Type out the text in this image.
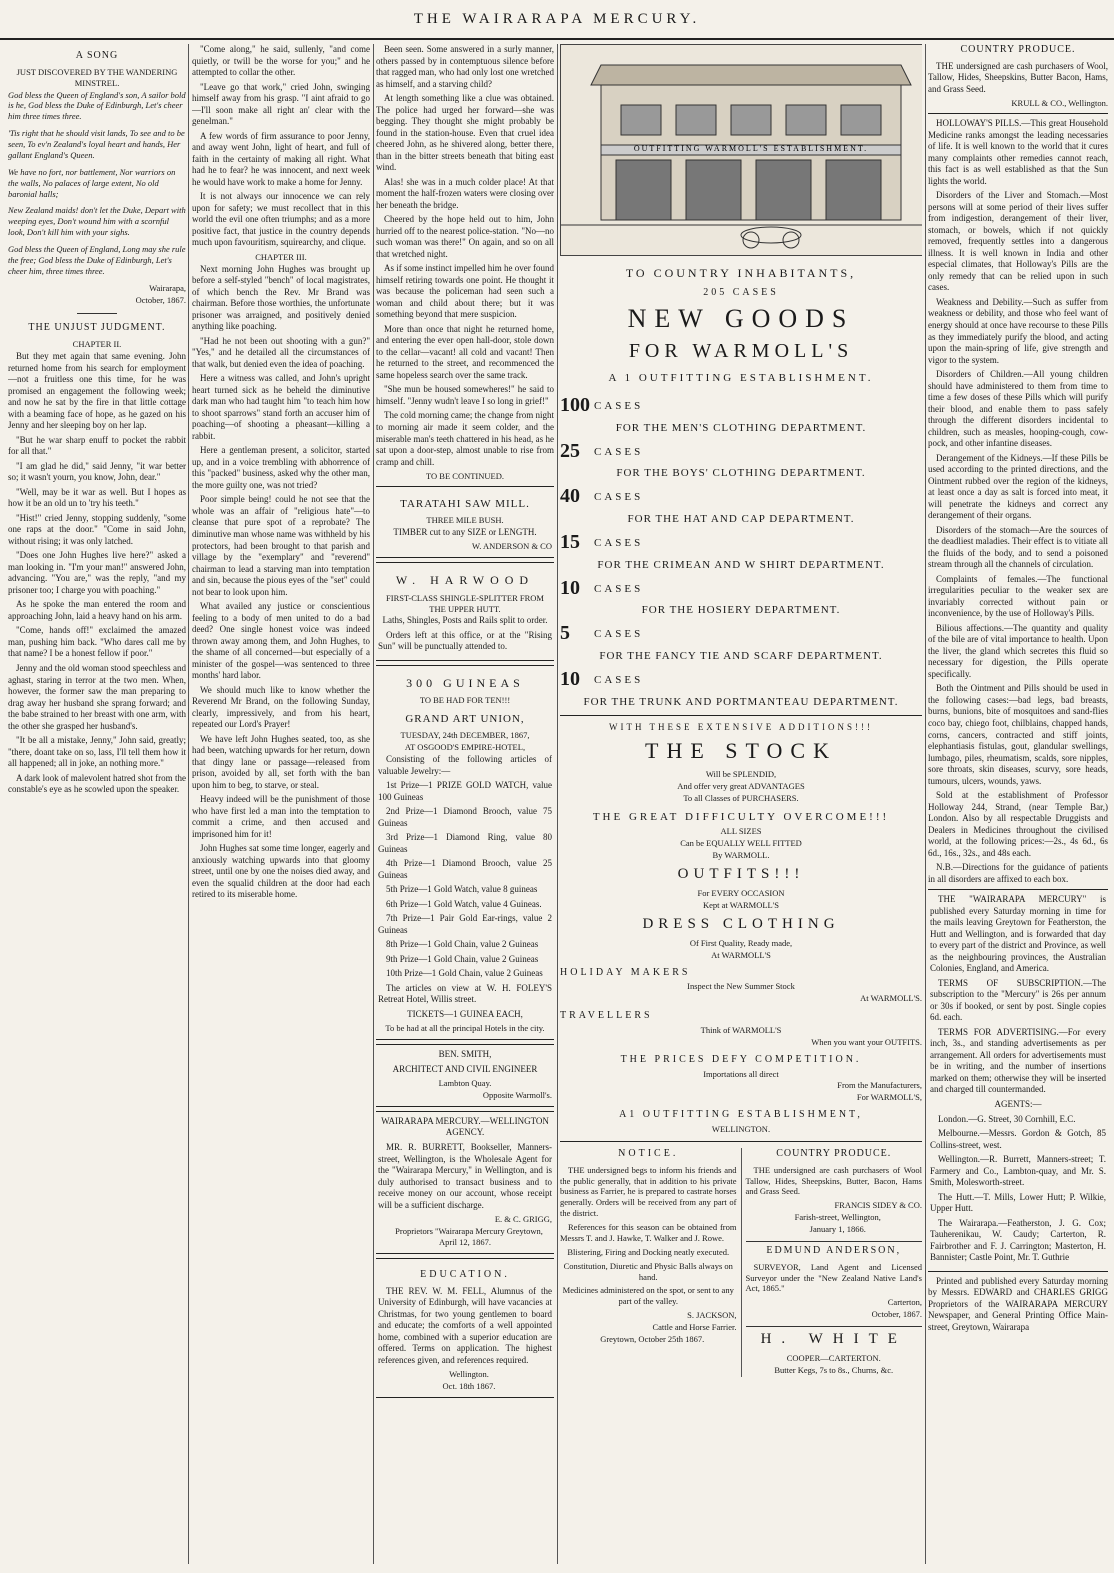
THE WAIRARAPA MERCURY.
A SONG

JUST DISCOVERED BY THE WANDERING MINSTREL.

God bless the Queen of England's son, A sailor bold is he, God bless the Duke of Edinburgh, Let's cheer him three times three.

'Tis right that he should visit lands, To see and to be seen, To ev'n Zealand's loyal heart and hands, Her gallant England's Queen.

We have no fort, nor battlement, Nor warriors on the walls, No palaces of large extent, No old baronial halls;

New Zealand maids! don't let the Duke, Depart with weeping eyes, Don't wound him with a scornful look, Don't kill him with your sighs.

God bless the Queen of England, Long may she rule the free; God bless the Duke of Edinburgh, Let's cheer him, three times three.

Wairarapa,

October, 1867.

THE UNJUST JUDGMENT.

CHAPTER II.

But they met again that same evening. John returned home from his search for employment—not a fruitless one this time, for he was promised an engagement the following week; and now he sat by the fire in that little cottage with a beaming face of hope, as he gazed on his Jenny and her sleeping boy on her lap.

"But he war sharp enuff to pocket the rabbit for all that."

"I am glad he did," said Jenny, "it war better so; it wasn't yourn, you know, John, dear."

"Well, may be it war as well. But I hopes as how it be an old un to 'try his teeth."

"Hist!" cried Jenny, stopping suddenly, "some one raps at the door." "Come in said John, without rising; it was only latched.

"Does one John Hughes live here?" asked a man looking in. "I'm your man!" answered John, advancing. "You are," was the reply, "and my prisoner too; I charge you with poaching."

As he spoke the man entered the room and approaching John, laid a heavy hand on his arm.

"Come, hands off!" exclaimed the amazed man, pushing him back. "Who dares call me by that name? I be a honest fellow if poor."

Jenny and the old woman stood speechless and aghast, staring in terror at the two men. When, however, the former saw the man preparing to drag away her husband she sprang forward; and the babe strained to her breast with one arm, with the other she grasped her husband's.

"It be all a mistake, Jenny," John said, greatly; "there, doant take on so, lass, I'll tell them how it all happened; all in joke, an nothing more."

A dark look of malevolent hatred shot from the constable's eye as he scowled upon the speaker.

"Come along," he said, sullenly, "and come quietly, or twill be the worse for you;" and he attempted to collar the other.

"Leave go that work," cried John, swinging himself away from his grasp. "I aint afraid to go—I'll soon make all right an' clear with the genelman."

A few words of firm assurance to poor Jenny, and away went John, light of heart, and full of faith in the certainty of making all right. What had he to fear? he was innocent, and next week he would have work to make a home for Jenny.

It is not always our innocence we can rely upon for safety; we must recollect that in this world the evil one often triumphs; and as a more positive fact, that justice in the country depends much upon favouritism, squirearchy, and clique.

CHAPTER III.

Next morning John Hughes was brought up before a self-styled "bench" of local magistrates, of which bench the Rev. Mr Brand was chairman. Before those worthies, the unfortunate prisoner was arraigned, and positively denied anything like poaching.

"Had he not been out shooting with a gun?" "Yes," and he detailed all the circumstances of that walk, but denied even the idea of poaching.

Here a witness was called, and John's upright heart turned sick as he beheld the diminutive dark man who had taught him "to teach him how to shoot sparrows" stand forth an accuser him of poaching—of shooting a pheasant—killing a rabbit.

Here a gentleman present, a solicitor, started up, and in a voice trembling with abhorrence of this "packed" business, asked why the other man, the more guilty one, was not tried?

Poor simple being! could he not see that the whole was an affair of "religious hate"—to cleanse that pure spot of a reprobate? The diminutive man whose name was withheld by his protectors, had been brought to that parish and village by the "exemplary" and "reverend" chairman to lead a starving man into temptation and sin, because the pious eyes of the "set" could not bear to look upon him.

What availed any justice or conscientious feeling to a body of men united to do a bad deed? One single honest voice was indeed thrown away among them, and John Hughes, to the shame of all concerned—but especially of a minister of the gospel—was sentenced to three months' hard labor.

We should much like to know whether the Reverend Mr Brand, on the following Sunday, clearly, impressively, and from his heart, repeated our Lord's Prayer!

We have left John Hughes seated, too, as she had been, watching upwards for her return, down that dingy lane or passage—released from prison, avoided by all, set forth with the ban upon him to beg, to starve, or steal.

Heavy indeed will be the punishment of those who have first led a man into the temptation to commit a crime, and then accused and imprisoned him for it!

John Hughes sat some time longer, eagerly and anxiously watching upwards into that gloomy street, until one by one the noises died away, and even the squalid children at the door had each retired to its miserable home.

Been seen. Some answered in a surly manner, others passed by in contemptuous silence before that ragged man, who had only lost one wretched as himself, and a starving child?

At length something like a clue was obtained. The police had urged her forward—she was begging. They thought she might probably be found in the station-house. Even that cruel idea cheered John, as he shivered along, better there, than in the bitter streets beneath that biting east wind.

Alas! she was in a much colder place! At that moment the half-frozen waters were closing over her beneath the bridge.

Cheered by the hope held out to him, John hurried off to the nearest police-station. "No—no such woman was there!" On again, and so on all that wretched night.

As if some instinct impelled him he over found himself retiring towards one point. He thought it was because the policeman had seen such a woman and child about there; but it was something beyond that mere suspicion.

More than once that night he returned home, and entering the ever open hall-door, stole down to the cellar—vacant! all cold and vacant! Then he returned to the street, and recommenced the same hopeless search over the same track.

"She mun be housed somewheres!" he said to himself. "Jenny wudn't leave I so long in grief!"

The cold morning came; the change from night to morning air made it seem colder, and the miserable man's teeth chattered in his head, as he sat upon a door-step, almost unable to rise from cramp and chill.

TO BE CONTINUED.

TARATAHI SAW MILL.

THREE MILE BUSH.

TIMBER cut to any SIZE or LENGTH.

W. ANDERSON & CO

W. HARWOOD

FIRST-CLASS SHINGLE-SPLITTER FROM THE UPPER HUTT.

Laths, Shingles, Posts and Rails split to order.

Orders left at this office, or at the "Rising Sun" will be punctually attended to.

300 GUINEAS

TO BE HAD FOR TEN!!!

GRAND ART UNION,

TUESDAY, 24th DECEMBER, 1867,

AT OSGOOD'S EMPIRE-HOTEL,

Consisting of the following articles of valuable Jewelry:—

1st Prize—1 PRIZE GOLD WATCH, value 100 Guineas

2nd Prize—1 Diamond Brooch, value 75 Guineas

3rd Prize—1 Diamond Ring, value 80 Guineas

4th Prize—1 Diamond Brooch, value 25 Guineas

5th Prize—1 Gold Watch, value 8 guineas

6th Prize—1 Gold Watch, value 4 Guineas.

7th Prize—1 Pair Gold Ear-rings, value 2 Guineas

8th Prize—1 Gold Chain, value 2 Guineas

9th Prize—1 Gold Chain, value 2 Guineas

10th Prize—1 Gold Chain, value 2 Guineas

The articles on view at W. H. FOLEY'S Retreat Hotel, Willis street.

TICKETS—1 GUINEA EACH,

To be had at all the principal Hotels in the city.

BEN. SMITH,

ARCHITECT AND CIVIL ENGINEER

Lambton Quay.

Opposite Warmoll's.

WAIRARAPA MERCURY.—WELLINGTON AGENCY.

MR. R. BURRETT, Bookseller, Manners-street, Wellington, is the Wholesale Agent for the "Wairarapa Mercury," in Wellington, and is duly authorised to transact business and to receive money on our account, whose receipt will be a sufficient discharge.

E. & C. GRIGG,

Proprietors "Wairarapa Mercury Greytown, April 12, 1867.

EDUCATION.

THE REV. W. M. FELL, Alumnus of the University of Edinburgh, will have vacancies at Christmas, for two young gentlemen to board and educate; the comforts of a well appointed home, combined with a superior education are offered. Terms on application. The highest references given, and references required.

Wellington.

Oct. 18th 1867.

OUTFITTING WARMOLL'S ESTABLISHMENT.
TO COUNTRY INHABITANTS,
205 CASES
NEW GOODS
FOR WARMOLL'S
A 1 OUTFITTING ESTABLISHMENT.
100 CASES
FOR THE MEN'S CLOTHING DEPARTMENT.
25	CASES
FOR THE BOYS' CLOTHING DEPARTMENT.
40	CASES
FOR THE HAT AND CAP DEPARTMENT.
15	CASES
FOR THE CRIMEAN AND W SHIRT DEPARTMENT.
10	CASES
FOR THE HOSIERY DEPARTMENT.
5	CASES
FOR THE FANCY TIE AND SCARF DEPARTMENT.
10	CASES
FOR THE TRUNK AND PORTMANTEAU DEPARTMENT.
WITH THESE EXTENSIVE ADDITIONS!!!
THE STOCK

Will be SPLENDID,

And offer very great ADVANTAGES

To all Classes of PURCHASERS.

THE GREAT DIFFICULTY OVERCOME!!!

ALL SIZES

Can be EQUALLY WELL FITTED

By WARMOLL.

OUTFITS!!!

For EVERY OCCASION

Kept at WARMOLL'S

DRESS CLOTHING

Of First Quality, Ready made,

At WARMOLL'S

HOLIDAY MAKERS

Inspect the New Summer Stock

At WARMOLL'S.

TRAVELLERS

Think of WARMOLL'S

When you want your OUTFITS.

THE PRICES DEFY COMPETITION.

Importations all direct

From the Manufacturers,

For WARMOLL'S,

A1 OUTFITTING ESTABLISHMENT,

WELLINGTON.

NOTICE.

THE undersigned begs to inform his friends and the public generally, that in addition to his private business as Farrier, he is prepared to castrate horses generally. Orders will be received from any part of the district.

References for this season can be obtained from Messrs T. and J. Hawke, T. Walker and J. Rowe.

Blistering, Firing and Docking neatly executed.

Constitution, Diuretic and Physic Balls always on hand.

Medicines administered on the spot, or sent to any part of the valley.

S. JACKSON,

Cattle and Horse Farrier.

Greytown, October 25th 1867.

COUNTRY PRODUCE.

THE undersigned are cash purchasers of Wool Tallow, Hides, Sheepskins, Butter, Bacon, Hams and Grass Seed.

FRANCIS SIDEY & CO.

Farish-street, Wellington,

January 1, 1866.

EDMUND ANDERSON,

SURVEYOR, Land Agent and Licensed Surveyor under the "New Zealand Native Land's Act, 1865."

Carterton,

October, 1867.

H. WHITE

COOPER—CARTERTON.

Butter Kegs, 7s to 8s., Churns, &c.

COUNTRY PRODUCE.

THE undersigned are cash purchasers of Wool, Tallow, Hides, Sheepskins, Butter Bacon, Hams, and Grass Seed.

KRULL & CO., Wellington.

HOLLOWAY'S PILLS.—This great Household Medicine ranks amongst the leading necessaries of life. It is well known to the world that it cures many complaints other remedies cannot reach, this fact is as well established as that the Sun lights the world.

Disorders of the Liver and Stomach.—Most persons will at some period of their lives suffer from indigestion, derangement of their liver, stomach, or bowels, which if not quickly removed, frequently settles into a dangerous illness. It is well known in India and other especial climates, that Holloway's Pills are the only remedy that can be relied upon in such cases.

Weakness and Debility.—Such as suffer from weakness or debility, and those who feel want of energy should at once have recourse to these Pills as they immediately purify the blood, and acting upon the main-spring of life, give strength and vigor to the system.

Disorders of Children.—All young children should have administered to them from time to time a few doses of these Pills which will purify their blood, and enable them to pass safely through the different disorders incidental to children, such as measles, hooping-cough, cow-pock, and other infantine diseases.

Derangement of the Kidneys.—If these Pills be used according to the printed directions, and the Ointment rubbed over the region of the kidneys, at least once a day as salt is forced into meat, it will penetrate the kidneys and correct any derangement of their organs.

Disorders of the stomach—Are the sources of the deadliest maladies. Their effect is to vitiate all the fluids of the body, and to send a poisoned stream through all the channels of circulation.

Complaints of females.—The functional irregularities peculiar to the weaker sex are invariably corrected without pain or inconvenience, by the use of Holloway's Pills.

Bilious affections.—The quantity and quality of the bile are of vital importance to health. Upon the liver, the gland which secretes this fluid so necessary for digestion, the Pills operate specifically.

Both the Ointment and Pills should be used in the following cases:—bad legs, bad breasts, burns, bunions, bite of mosquitoes and sand-flies coco bay, chiego foot, chilblains, chapped hands, corns, cancers, contracted and stiff joints, elephantiasis fistulas, gout, glandular swellings, lumbago, piles, rheumatism, scalds, sore nipples, sore throats, skin diseases, scurvy, sore heads, tumours, ulcers, wounds, yaws.

Sold at the establishment of Professor Holloway 244, Strand, (near Temple Bar,) London. Also by all respectable Druggists and Dealers in Medicines throughout the civilised world, at the following prices:—2s., 4s 6d., 6s 6d., 16s., 32s., and 48s each.

N.B.—Directions for the guidance of patients in all disorders are affixed to each box.

THE "WAIRARAPA MERCURY" is published every Saturday morning in time for the mails leaving Greytown for Featherston, the Hutt and Wellington, and is forwarded that day to every part of the district and Province, as well as the neighbouring provinces, the Australian Colonies, England, and America.

TERMS OF SUBSCRIPTION.—The subscription to the "Mercury" is 26s per annum or 30s if booked, or sent by post. Single copies 6d. each.

TERMS FOR ADVERTISING.—For every inch, 3s., and standing advertisements as per arrangement. All orders for advertisements must be in writing, and the number of insertions marked on them; otherwise they will be inserted and charged till countermanded.

AGENTS:—

London.—G. Street, 30 Cornhill, E.C.

Melbourne.—Messrs. Gordon & Gotch, 85 Collins-street, west.

Wellington.—R. Burrett, Manners-street; T. Farmery and Co., Lambton-quay, and Mr. S. Smith, Molesworth-street.

The Hutt.—T. Mills, Lower Hutt; P. Wilkie, Upper Hutt.

The Wairarapa.—Featherston, J. G. Cox; Tauherenikau, W. Caudy; Carterton, R. Fairbrother and F. J. Carrington; Masterton, H. Bannister; Castle Point, Mr. T. Guthrie

Printed and published every Saturday morning by Messrs. EDWARD and CHARLES GRIGG Proprietors of the WAIRARAPA MERCURY Newspaper, and General Printing Office Main-street, Greytown, Wairarapa
